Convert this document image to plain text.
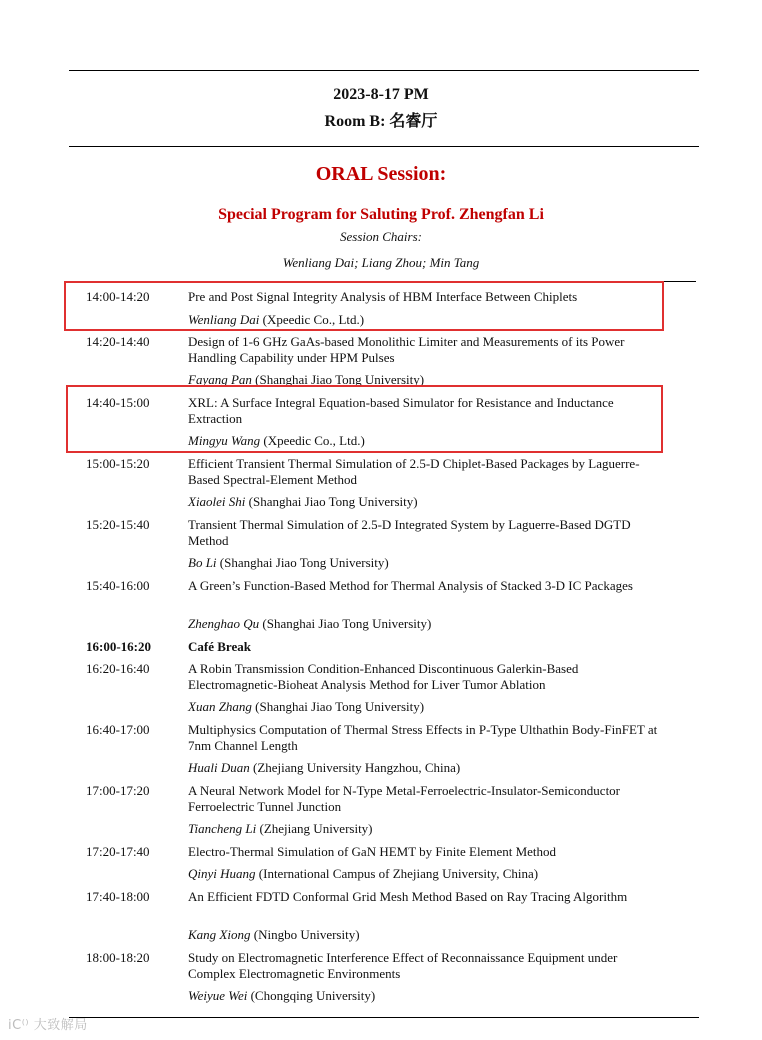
2023-8-17 PM
Room B: 名睿厅
ORAL Session:
Special Program for Saluting Prof. Zhengfan Li
Session Chairs:
Wenliang Dai; Liang Zhou; Min Tang
14:00-14:20	Pre and Post Signal Integrity Analysis of HBM Interface Between Chiplets
Wenliang Dai (Xpeedic Co., Ltd.)
14:20-14:40	Design of 1-6 GHz GaAs-based Monolithic Limiter and Measurements of its Power Handling Capability under HPM Pulses
Fayang Pan (Shanghai Jiao Tong University)
14:40-15:00	XRL: A Surface Integral Equation-based Simulator for Resistance and Inductance Extraction
Mingyu Wang (Xpeedic Co., Ltd.)
15:00-15:20	Efficient Transient Thermal Simulation of 2.5-D Chiplet-Based Packages by Laguerre-Based Spectral-Element Method
Xiaolei Shi (Shanghai Jiao Tong University)
15:20-15:40	Transient Thermal Simulation of 2.5-D Integrated System by Laguerre-Based DGTD Method
Bo Li (Shanghai Jiao Tong University)
15:40-16:00	A Green’s Function-Based Method for Thermal Analysis of Stacked 3-D IC Packages
Zhenghao Qu (Shanghai Jiao Tong University)
16:00-16:20	Café Break
16:20-16:40	A Robin Transmission Condition-Enhanced Discontinuous Galerkin-Based Electromagnetic-Bioheat Analysis Method for Liver Tumor Ablation
Xuan Zhang (Shanghai Jiao Tong University)
16:40-17:00	Multiphysics Computation of Thermal Stress Effects in P-Type Ulthathin Body-FinFET at 7nm Channel Length
Huali Duan (Zhejiang University Hangzhou, China)
17:00-17:20	A Neural Network Model for N-Type Metal-Ferroelectric-Insulator-Semiconductor Ferroelectric Tunnel Junction
Tiancheng Li (Zhejiang University)
17:20-17:40	Electro-Thermal Simulation of GaN HEMT by Finite Element Method
Qinyi Huang (International Campus of Zhejiang University, China)
17:40-18:00	An Efficient FDTD Conformal Grid Mesh Method Based on Ray Tracing Algorithm
Kang Xiong (Ningbo University)
18:00-18:20	Study on Electromagnetic Interference Effect of Reconnaissance Equipment under Complex Electromagnetic Environments
Weiyue Wei (Chongqing University)
iC⁽⁾ 大致解局
